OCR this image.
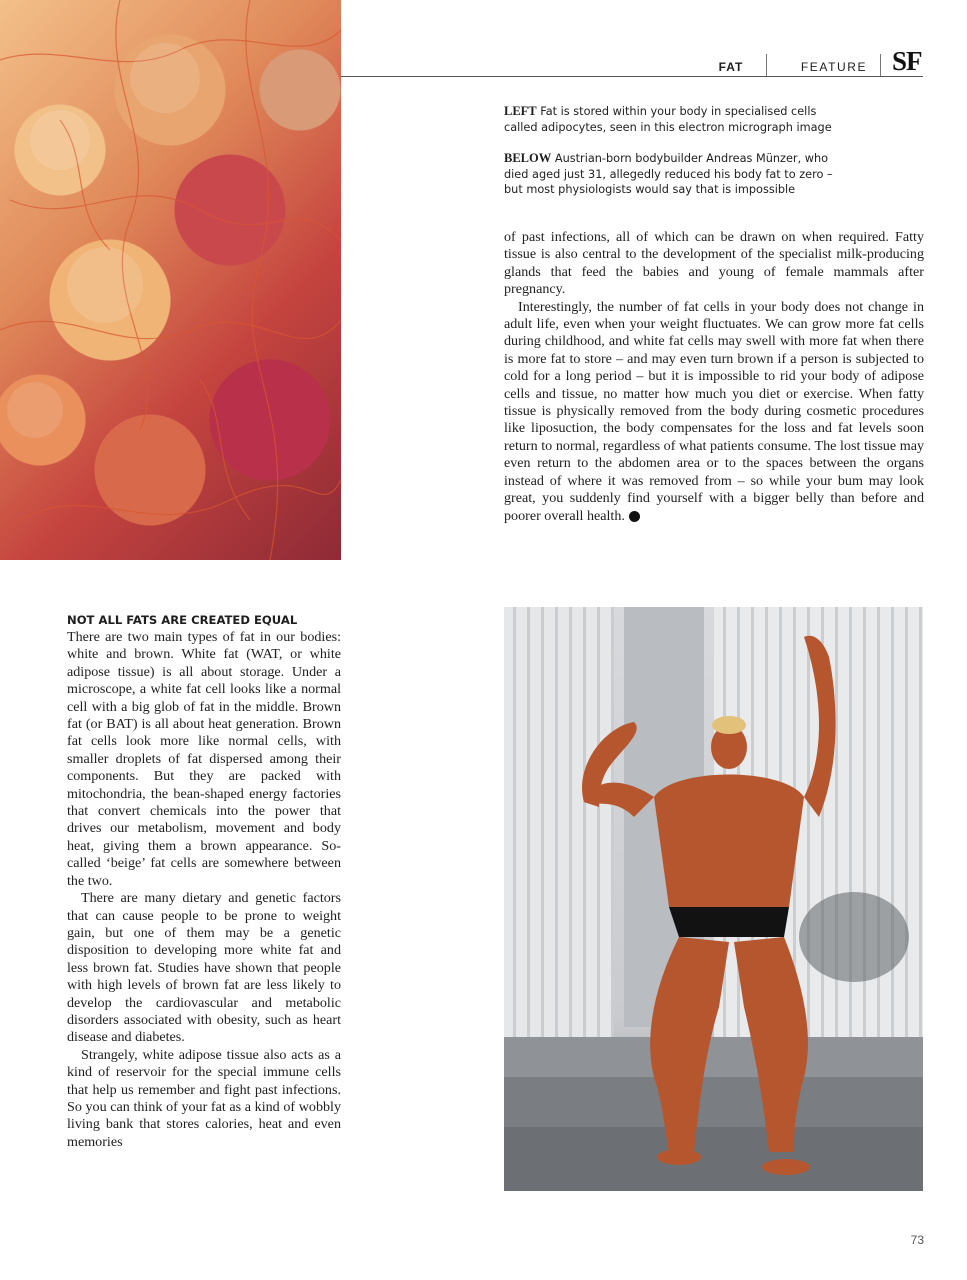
FAT	FEATURE SF
LEFT Fat is stored within your body in specialised cells called adipocytes, seen in this electron micrograph image
BELOW Austrian-born bodybuilder Andreas Münzer, who died aged just 31, allegedly reduced his body fat to zero – but most physiologists would say that is impossible

of past infections, all of which can be drawn on when required. Fatty tissue is also central to the development of the specialist milk-producing glands that feed the babies and young of female mammals after pregnancy.

Interestingly, the number of fat cells in your body does not change in adult life, even when your weight fluctuates. We can grow more fat cells during childhood, and white fat cells may swell with more fat when there is more fat to store – and may even turn brown if a person is subjected to cold for a long period – but it is impossible to rid your body of adipose cells and tissue, no matter how much you diet or exercise. When fatty tissue is physically removed from the body during cosmetic procedures like liposuction, the body compensates for the loss and fat levels soon return to normal, regardless of what patients consume. The lost tissue may even return to the abdomen area or to the spaces between the organs instead of where it was removed from – so while your bum may look great, you suddenly find yourself with a bigger belly than before and poorer overall health. ▶

NOT ALL FATS ARE CREATED EQUAL

There are two main types of fat in our bodies: white and brown. White fat (WAT, or white adipose tissue) is all about storage. Under a microscope, a white fat cell looks like a normal cell with a big glob of fat in the middle. Brown fat (or BAT) is all about heat generation. Brown fat cells look more like normal cells, with smaller droplets of fat dispersed among their components. But they are packed with mitochondria, the bean-shaped energy factories that convert chemicals into the power that drives our metabolism, movement and body heat, giving them a brown appearance. So-called ‘beige’ fat cells are somewhere between the two.

There are many dietary and genetic factors that can cause people to be prone to weight gain, but one of them may be a genetic disposition to developing more white fat and less brown fat. Studies have shown that people with high levels of brown fat are less likely to develop the cardiovascular and metabolic disorders associated with obesity, such as heart disease and diabetes.

Strangely, white adipose tissue also acts as a kind of reservoir for the special immune cells that help us remember and fight past infections. So you can think of your fat as a kind of wobbly living bank that stores calories, heat and even memories

73
